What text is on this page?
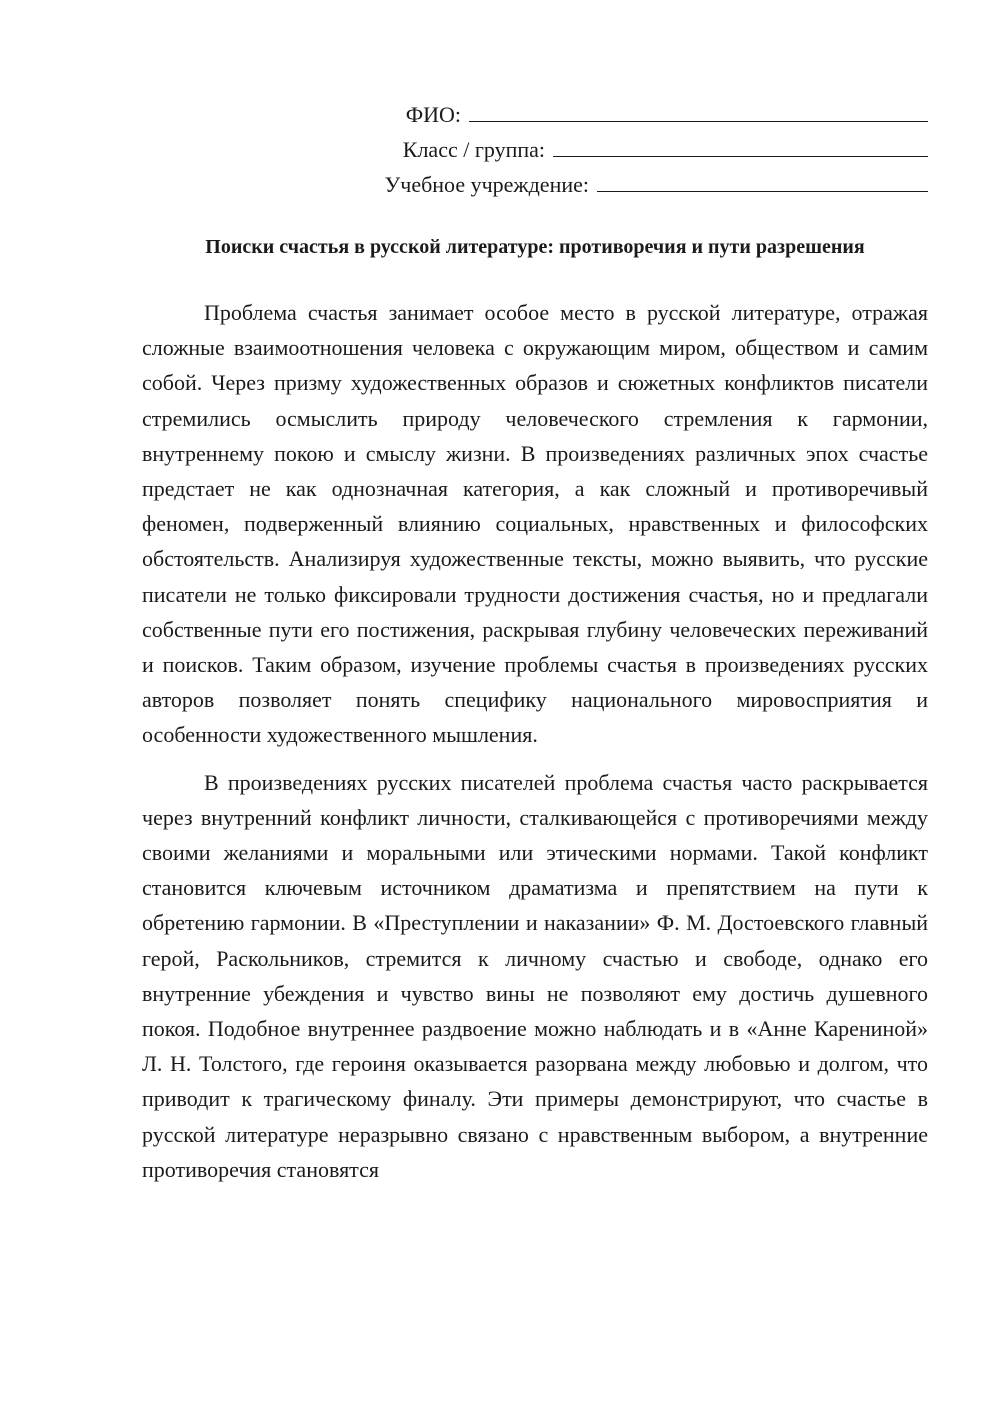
ФИО:
Класс / группа:
Учебное учреждение:
Поиски счастья в русской литературе: противоречия и пути разрешения

Проблема счастья занимает особое место в русской литературе, отражая сложные взаимоотношения человека с окружающим миром, обществом и самим собой. Через призму художественных образов и сюжетных конфликтов писатели стремились осмыслить природу человеческого стремления к гармонии, внутреннему покою и смыслу жизни. В произведениях различных эпох счастье предстает не как однозначная категория, а как сложный и противоречивый феномен, подверженный влиянию социальных, нравственных и философских обстоятельств. Анализируя художественные тексты, можно выявить, что русские писатели не только фиксировали трудности достижения счастья, но и предлагали собственные пути его постижения, раскрывая глубину человеческих переживаний и поисков. Таким образом, изучение проблемы счастья в произведениях русских авторов позволяет понять специфику национального мировосприятия и особенности художественного мышления.

В произведениях русских писателей проблема счастья часто раскрывается через внутренний конфликт личности, сталкивающейся с противоречиями между своими желаниями и моральными или этическими нормами. Такой конфликт становится ключевым источником драматизма и препятствием на пути к обретению гармонии. В «Преступлении и наказании» Ф. М. Достоевского главный герой, Раскольников, стремится к личному счастью и свободе, однако его внутренние убеждения и чувство вины не позволяют ему достичь душевного покоя. Подобное внутреннее раздвоение можно наблюдать и в «Анне Карениной» Л. Н. Толстого, где героиня оказывается разорвана между любовью и долгом, что приводит к трагическому финалу. Эти примеры демонстрируют, что счастье в русской литературе неразрывно связано с нравственным выбором, а внутренние противоречия становятся
